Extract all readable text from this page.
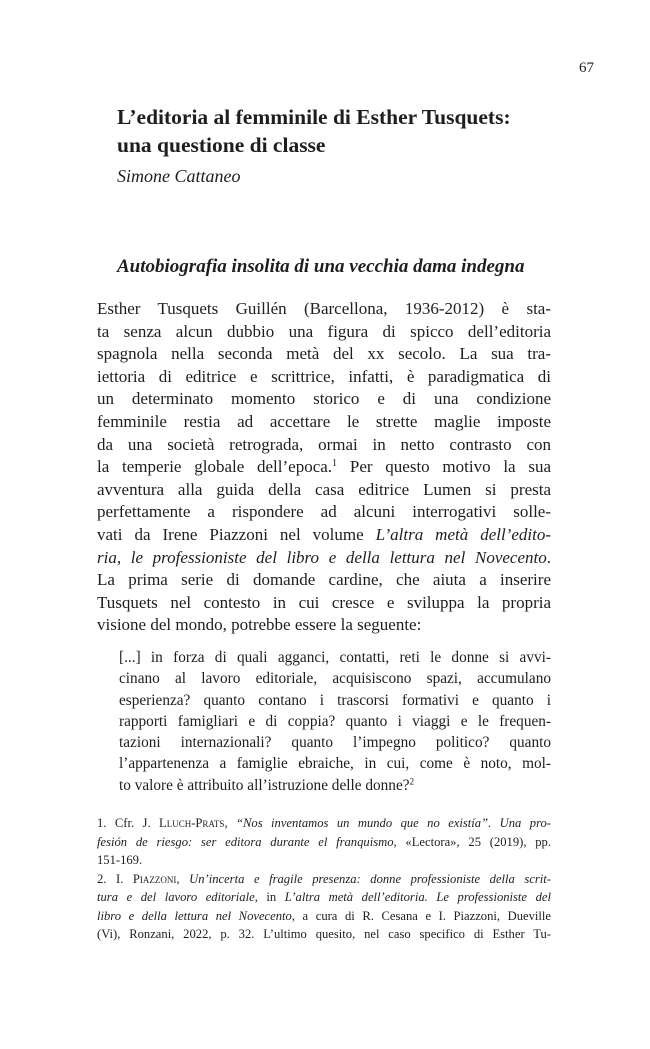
67
L’editoria al femminile di Esther Tusquets:
una questione di classe
Simone Cattaneo
Autobiografia insolita di una vecchia dama indegna
Esther Tusquets Guillén (Barcellona, 1936-2012) è sta-
ta senza alcun dubbio una figura di spicco dell’editoria
spagnola nella seconda metà del xx secolo. La sua tra-
iettoria di editrice e scrittrice, infatti, è paradigmatica di
un determinato momento storico e di una condizione
femminile restia ad accettare le strette maglie imposte
da una società retrograda, ormai in netto contrasto con
la temperie globale dell’epoca.$^1$ Per questo motivo la sua
avventura alla guida della casa editrice Lumen si presta
perfettamente a rispondere ad alcuni interrogativi solle-
vati da Irene Piazzoni nel volume L’altra metà dell’edito-
ria, le professioniste del libro e della lettura nel Novecento.
La prima serie di domande cardine, che aiuta a inserire
Tusquets nel contesto in cui cresce e sviluppa la propria
visione del mondo, potrebbe essere la seguente:
[...] in forza di quali agganci, contatti, reti le donne si avvi-
cinano al lavoro editoriale, acquisiscono spazi, accumulano
esperienza? quanto contano i trascorsi formativi e quanto i
rapporti famigliari e di coppia? quanto i viaggi e le frequen-
tazioni internazionali? quanto l’impegno politico? quanto
l’appartenenza a famiglie ebraiche, in cui, come è noto, mol-
to valore è attribuito all’istruzione delle donne?$^2$
1. Cfr. J. Lluch-Prats, “Nos inventamos un mundo que no existía”. Una pro-
fesión de riesgo: ser editora durante el franquismo, «Lectora», 25 (2019), pp.
151-169.
2. I. Piazzoni, Un’incerta e fragile presenza: donne professioniste della scrit-
tura e del lavoro editoriale, in L’altra metà dell’editoria. Le professioniste del
libro e della lettura nel Novecento, a cura di R. Cesana e I. Piazzoni, Dueville
(Vi), Ronzani, 2022, p. 32. L’ultimo quesito, nel caso specifico di Esther Tu-
